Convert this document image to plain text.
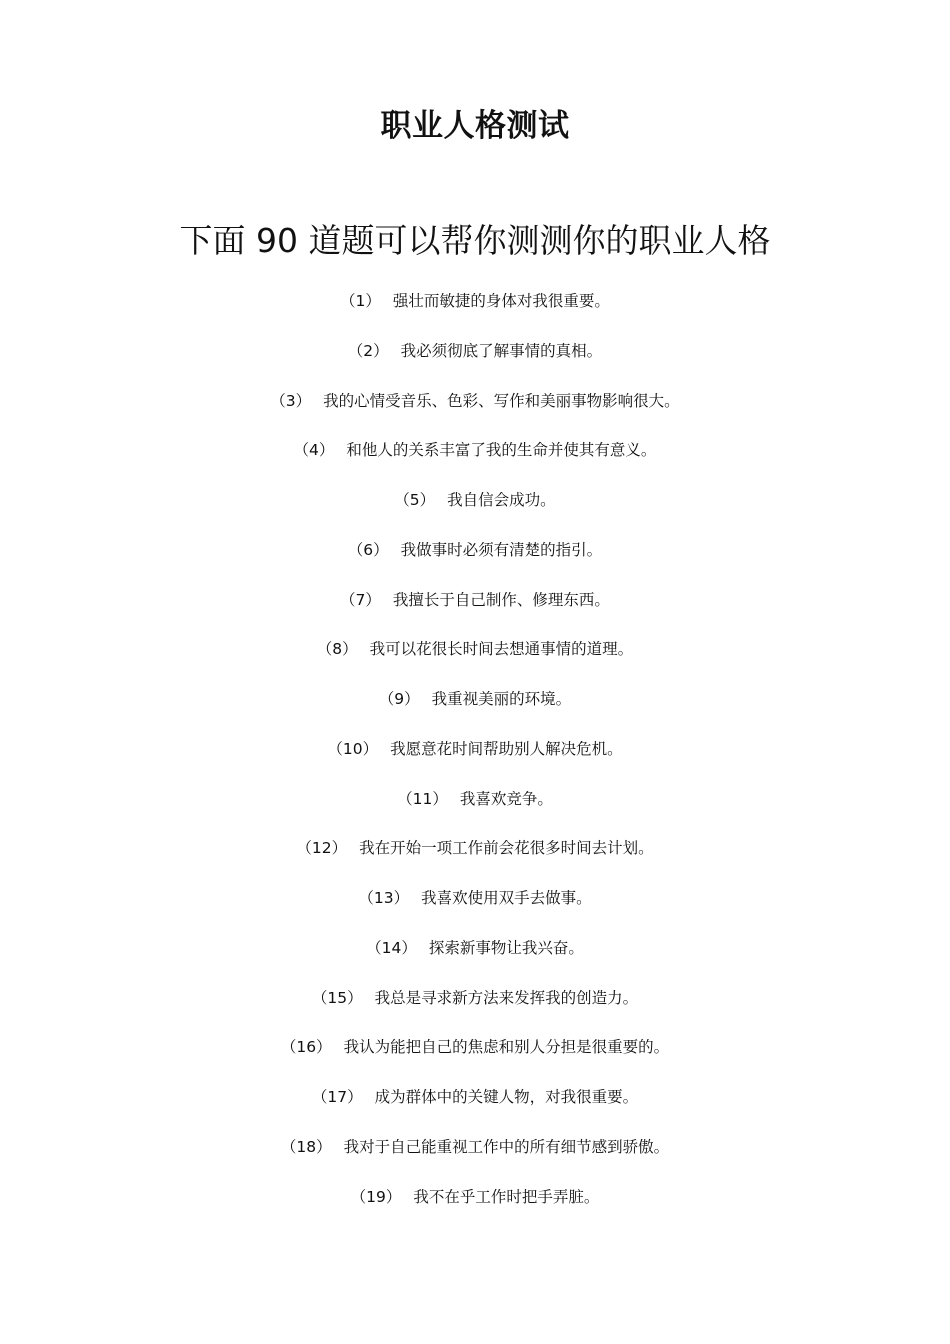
职业人格测试
下面 90 道题可以帮你测测你的职业人格
（1） 强壮而敏捷的身体对我很重要。
（2） 我必须彻底了解事情的真相。
（3） 我的心情受音乐、色彩、写作和美丽事物影响很大。
（4） 和他人的关系丰富了我的生命并使其有意义。
（5） 我自信会成功。
（6） 我做事时必须有清楚的指引。
（7） 我擅长于自己制作、修理东西。
（8） 我可以花很长时间去想通事情的道理。
（9） 我重视美丽的环境。
（10） 我愿意花时间帮助别人解决危机。
（11） 我喜欢竞争。
（12） 我在开始一项工作前会花很多时间去计划。
（13） 我喜欢使用双手去做事。
（14） 探索新事物让我兴奋。
（15） 我总是寻求新方法来发挥我的创造力。
（16） 我认为能把自己的焦虑和别人分担是很重要的。
（17） 成为群体中的关键人物，对我很重要。
（18） 我对于自己能重视工作中的所有细节感到骄傲。
（19） 我不在乎工作时把手弄脏。
